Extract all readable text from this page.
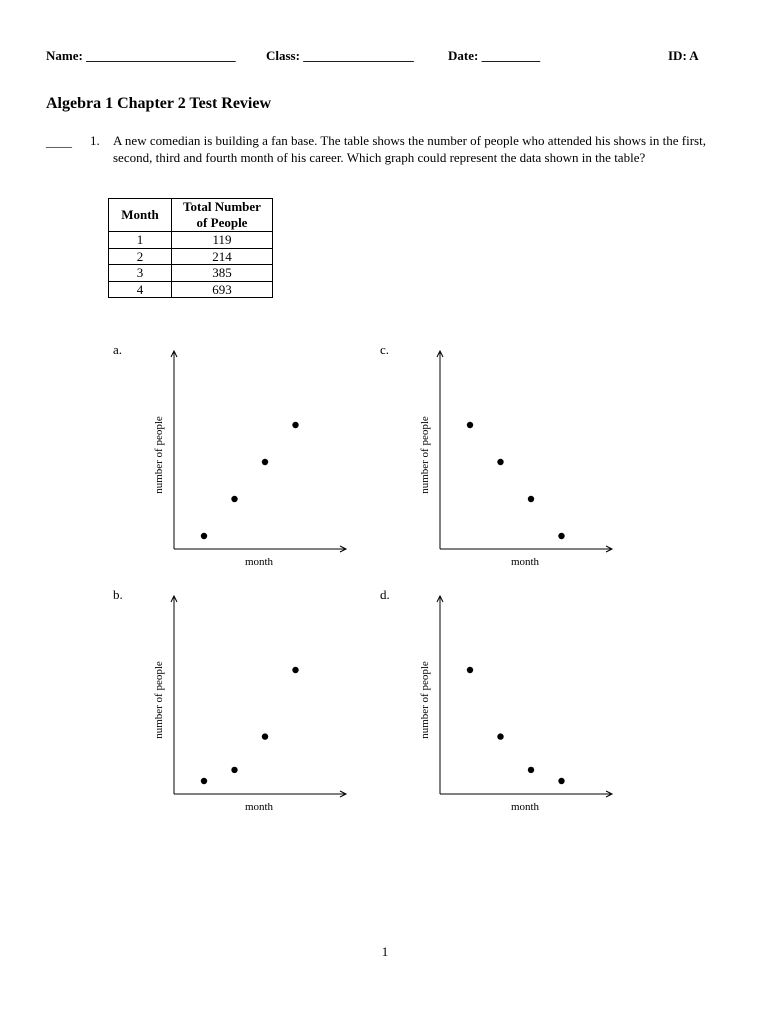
Name: _______________________ Class: _________________	Date: _________	ID: A
Algebra 1 Chapter 2 Test Review
____ 1. A new comedian is building a fan base. The table shows the number of people who attended his shows in the first, second, third and fourth month of his career. Which graph could represent the data shown in the table?
Month	Total Number of People
1	119
2	214
3	385
4	693
a.	c.
b.	d.
month
number of people
month
number of people
month
number of people
month
number of people
1
